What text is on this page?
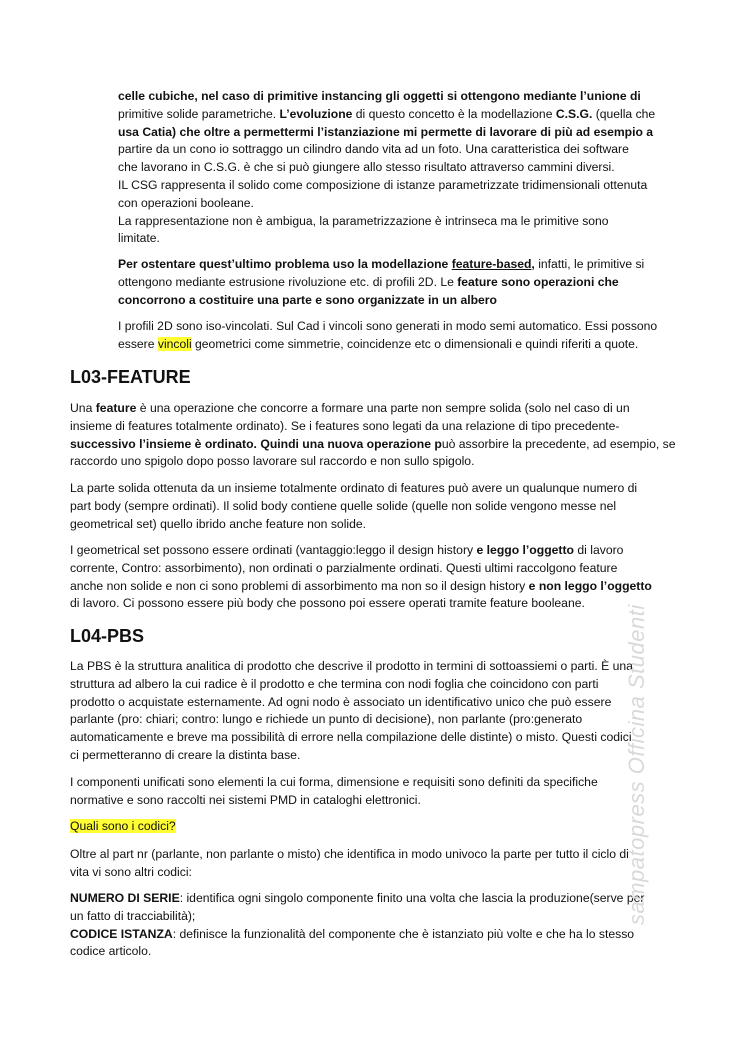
celle cubiche, nel caso di primitive instancing gli oggetti si ottengono mediante l’unione di
primitive solide parametriche. L’evoluzione di questo concetto è la modellazione C.S.G. (quella che
usa Catia) che oltre a permettermi l’istanziazione mi permette di lavorare di più ad esempio a
partire da un cono io sottraggo un cilindro dando vita ad un foto. Una caratteristica dei software
che lavorano in C.S.G. è che si può giungere allo stesso risultato attraverso cammini diversi.
IL CSG rappresenta il solido come composizione di istanze parametrizzate tridimensionali ottenuta
con operazioni booleane.
La rappresentazione non è ambigua, la parametrizzazione è intrinseca ma le primitive sono
limitate.
Per ostentare quest’ultimo problema uso la modellazione feature-based, infatti, le primitive si
ottengono mediante estrusione rivoluzione etc. di profili 2D. Le feature sono operazioni che
concorrono a costituire una parte e sono organizzate in un albero
I profili 2D sono iso-vincolati. Sul Cad i vincoli sono generati in modo semi automatico. Essi possono
essere vincoli geometrici come simmetrie, coincidenze etc o dimensionali e quindi riferiti a quote.
L03-FEATURE
Una feature è una operazione che concorre a formare una parte non sempre solida (solo nel caso di un
insieme di features totalmente ordinato). Se i features sono legati da una relazione di tipo precedente-
successivo l’insieme è ordinato. Quindi una nuova operazione può assorbire la precedente, ad esempio, se
raccordo uno spigolo dopo posso lavorare sul raccordo e non sullo spigolo.
La parte solida ottenuta da un insieme totalmente ordinato di features può avere un qualunque numero di
part body (sempre ordinati). Il solid body contiene quelle solide (quelle non solide vengono messe nel
geometrical set) quello ibrido anche feature non solide.
I geometrical set possono essere ordinati (vantaggio:leggo il design history e leggo l’oggetto di lavoro
corrente, Contro: assorbimento), non ordinati o parzialmente ordinati. Questi ultimi raccolgono feature
anche non solide e non ci sono problemi di assorbimento ma non so il design history e non leggo l’oggetto
di lavoro. Ci possono essere più body che possono poi essere operati tramite feature booleane.
L04-PBS
La PBS è la struttura analitica di prodotto che descrive il prodotto in termini di sottoassiemi o parti. È una
struttura ad albero la cui radice è il prodotto e che termina con nodi foglia che coincidono con parti
prodotto o acquistate esternamente. Ad ogni nodo è associato un identificativo unico che può essere
parlante (pro: chiari; contro: lungo e richiede un punto di decisione), non parlante (pro:generato
automaticamente e breve ma possibilità di errore nella compilazione delle distinte) o misto. Questi codici
ci permetteranno di creare la distinta base.
I componenti unificati sono elementi la cui forma, dimensione e requisiti sono definiti da specifiche
normative e sono raccolti nei sistemi PMD in cataloghi elettronici.
Quali sono i codici?
Oltre al part nr (parlante, non parlante o misto) che identifica in modo univoco la parte per tutto il ciclo di
vita vi sono altri codici:
NUMERO DI SERIE: identifica ogni singolo componente finito una volta che lascia la produzione(serve per
un fatto di tracciabilità);
CODICE ISTANZA: definisce la funzionalità del componente che è istanziato più volte e che ha lo stesso
codice articolo.
sampatopress Officina Studenti
